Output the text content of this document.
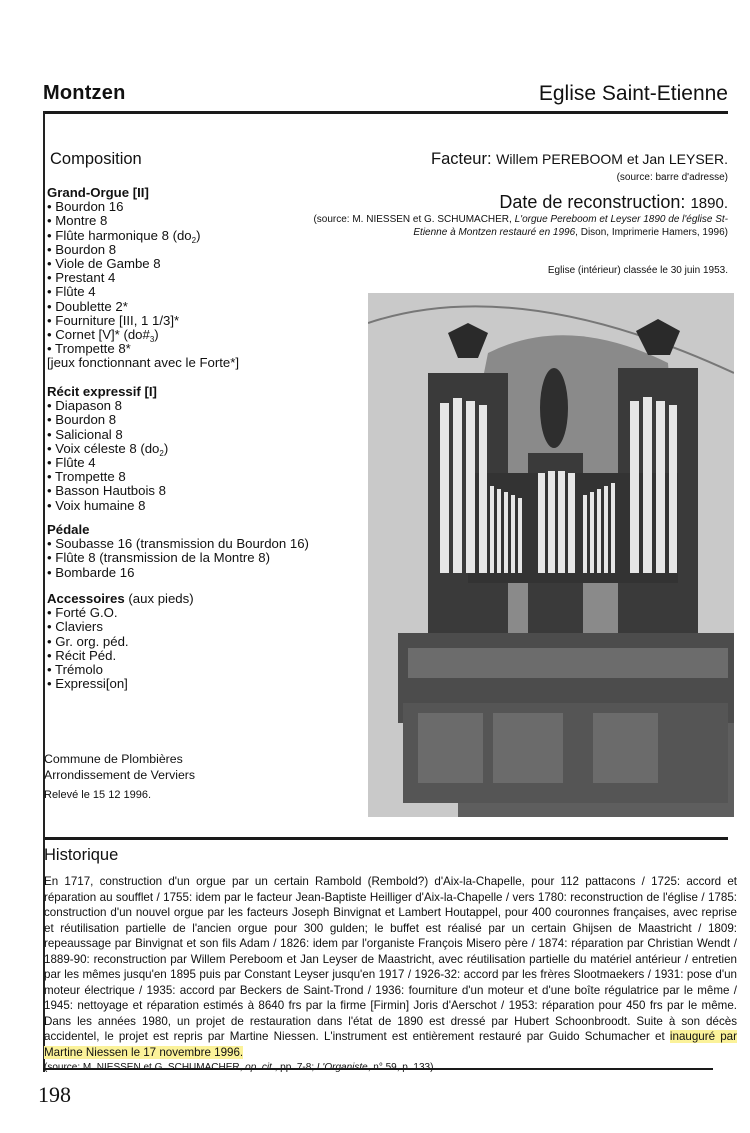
Montzen	Eglise Saint-Etienne
Composition
Grand-Orgue [II]
• Bourdon 16
• Montre 8
• Flûte harmonique 8 $(do_2)$
• Bourdon 8
• Viole de Gambe 8
• Prestant 4
• Flûte 4
• Doublette 2*
• Fourniture [III, 1 1/3]*
• Cornet [V]* $(do\#_3)$
• Trompette 8*
[jeux fonctionnant avec le Forte*]
Récit expressif [I]
• Diapason 8
• Bourdon 8
• Salicional 8
• Voix céleste 8 $(do_2)$
• Flûte 4
• Trompette 8
• Basson Hautbois 8
• Voix humaine 8
Pédale
• Soubasse 16 (transmission du Bourdon 16)
• Flûte 8 (transmission de la Montre 8)
• Bombarde 16
Accessoires (aux pieds)
• Forté G.O.
• Claviers
• Gr. org. péd.
• Récit Péd.
• Trémolo
• Expressi[on]
Facteur: Willem PEREBOOM et Jan LEYSER.
(source: barre d'adresse)
Date de reconstruction: 1890.
(source: M. NIESSEN et G. SCHUMACHER, L'orgue Pereboom et Leyser 1890 de l'église St-Etienne à Montzen restauré en 1996, Dison, Imprimerie Hamers, 1996)
Eglise (intérieur) classée le 30 juin 1953.
Commune de Plombières
Arrondissement de Verviers
Relevé le 15 12 1996.
Historique
En 1717, construction d'un orgue par un certain Rambold (Rembold?) d'Aix-la-Chapelle, pour 112 pattacons / 1725: accord et réparation au soufflet / 1755: idem par le facteur Jean-Baptiste Heilliger d'Aix-la-Chapelle / vers 1780: reconstruction de l'église / 1785: construction d'un nouvel orgue par les facteurs Joseph Binvignat et Lambert Houtappel, pour 400 couronnes françaises, avec reprise et réutilisation partielle de l'ancien orgue pour 300 gulden; le buffet est réalisé par un certain Ghijsen de Maastricht / 1809: repeaussage par Binvignat et son fils Adam / 1826: idem par l'organiste François Misero père / 1874: réparation par Christian Wendt / 1889-90: reconstruction par Willem Pereboom et Jan Leyser de Maastricht, avec réutilisation partielle du matériel antérieur / entretien par les mêmes jusqu'en 1895 puis par Constant Leyser jusqu'en 1917 / 1926-32: accord par les frères Slootmaekers / 1931: pose d'un moteur électrique / 1935: accord par Beckers de Saint-Trond / 1936: fourniture d'un moteur et d'une boîte régulatrice par le même / 1945: nettoyage et réparation estimés à 8640 frs par la firme [Firmin] Joris d'Aerschot / 1953: réparation pour 450 frs par le même. Dans les années 1980, un projet de restauration dans l'état de 1890 est dressé par Hubert Schoonbroodt. Suite à son décès accidentel, le projet est repris par Martine Niessen. L'instrument est entièrement restauré par Guido Schumacher et inauguré par Martine Niessen le 17 novembre 1996.
198
